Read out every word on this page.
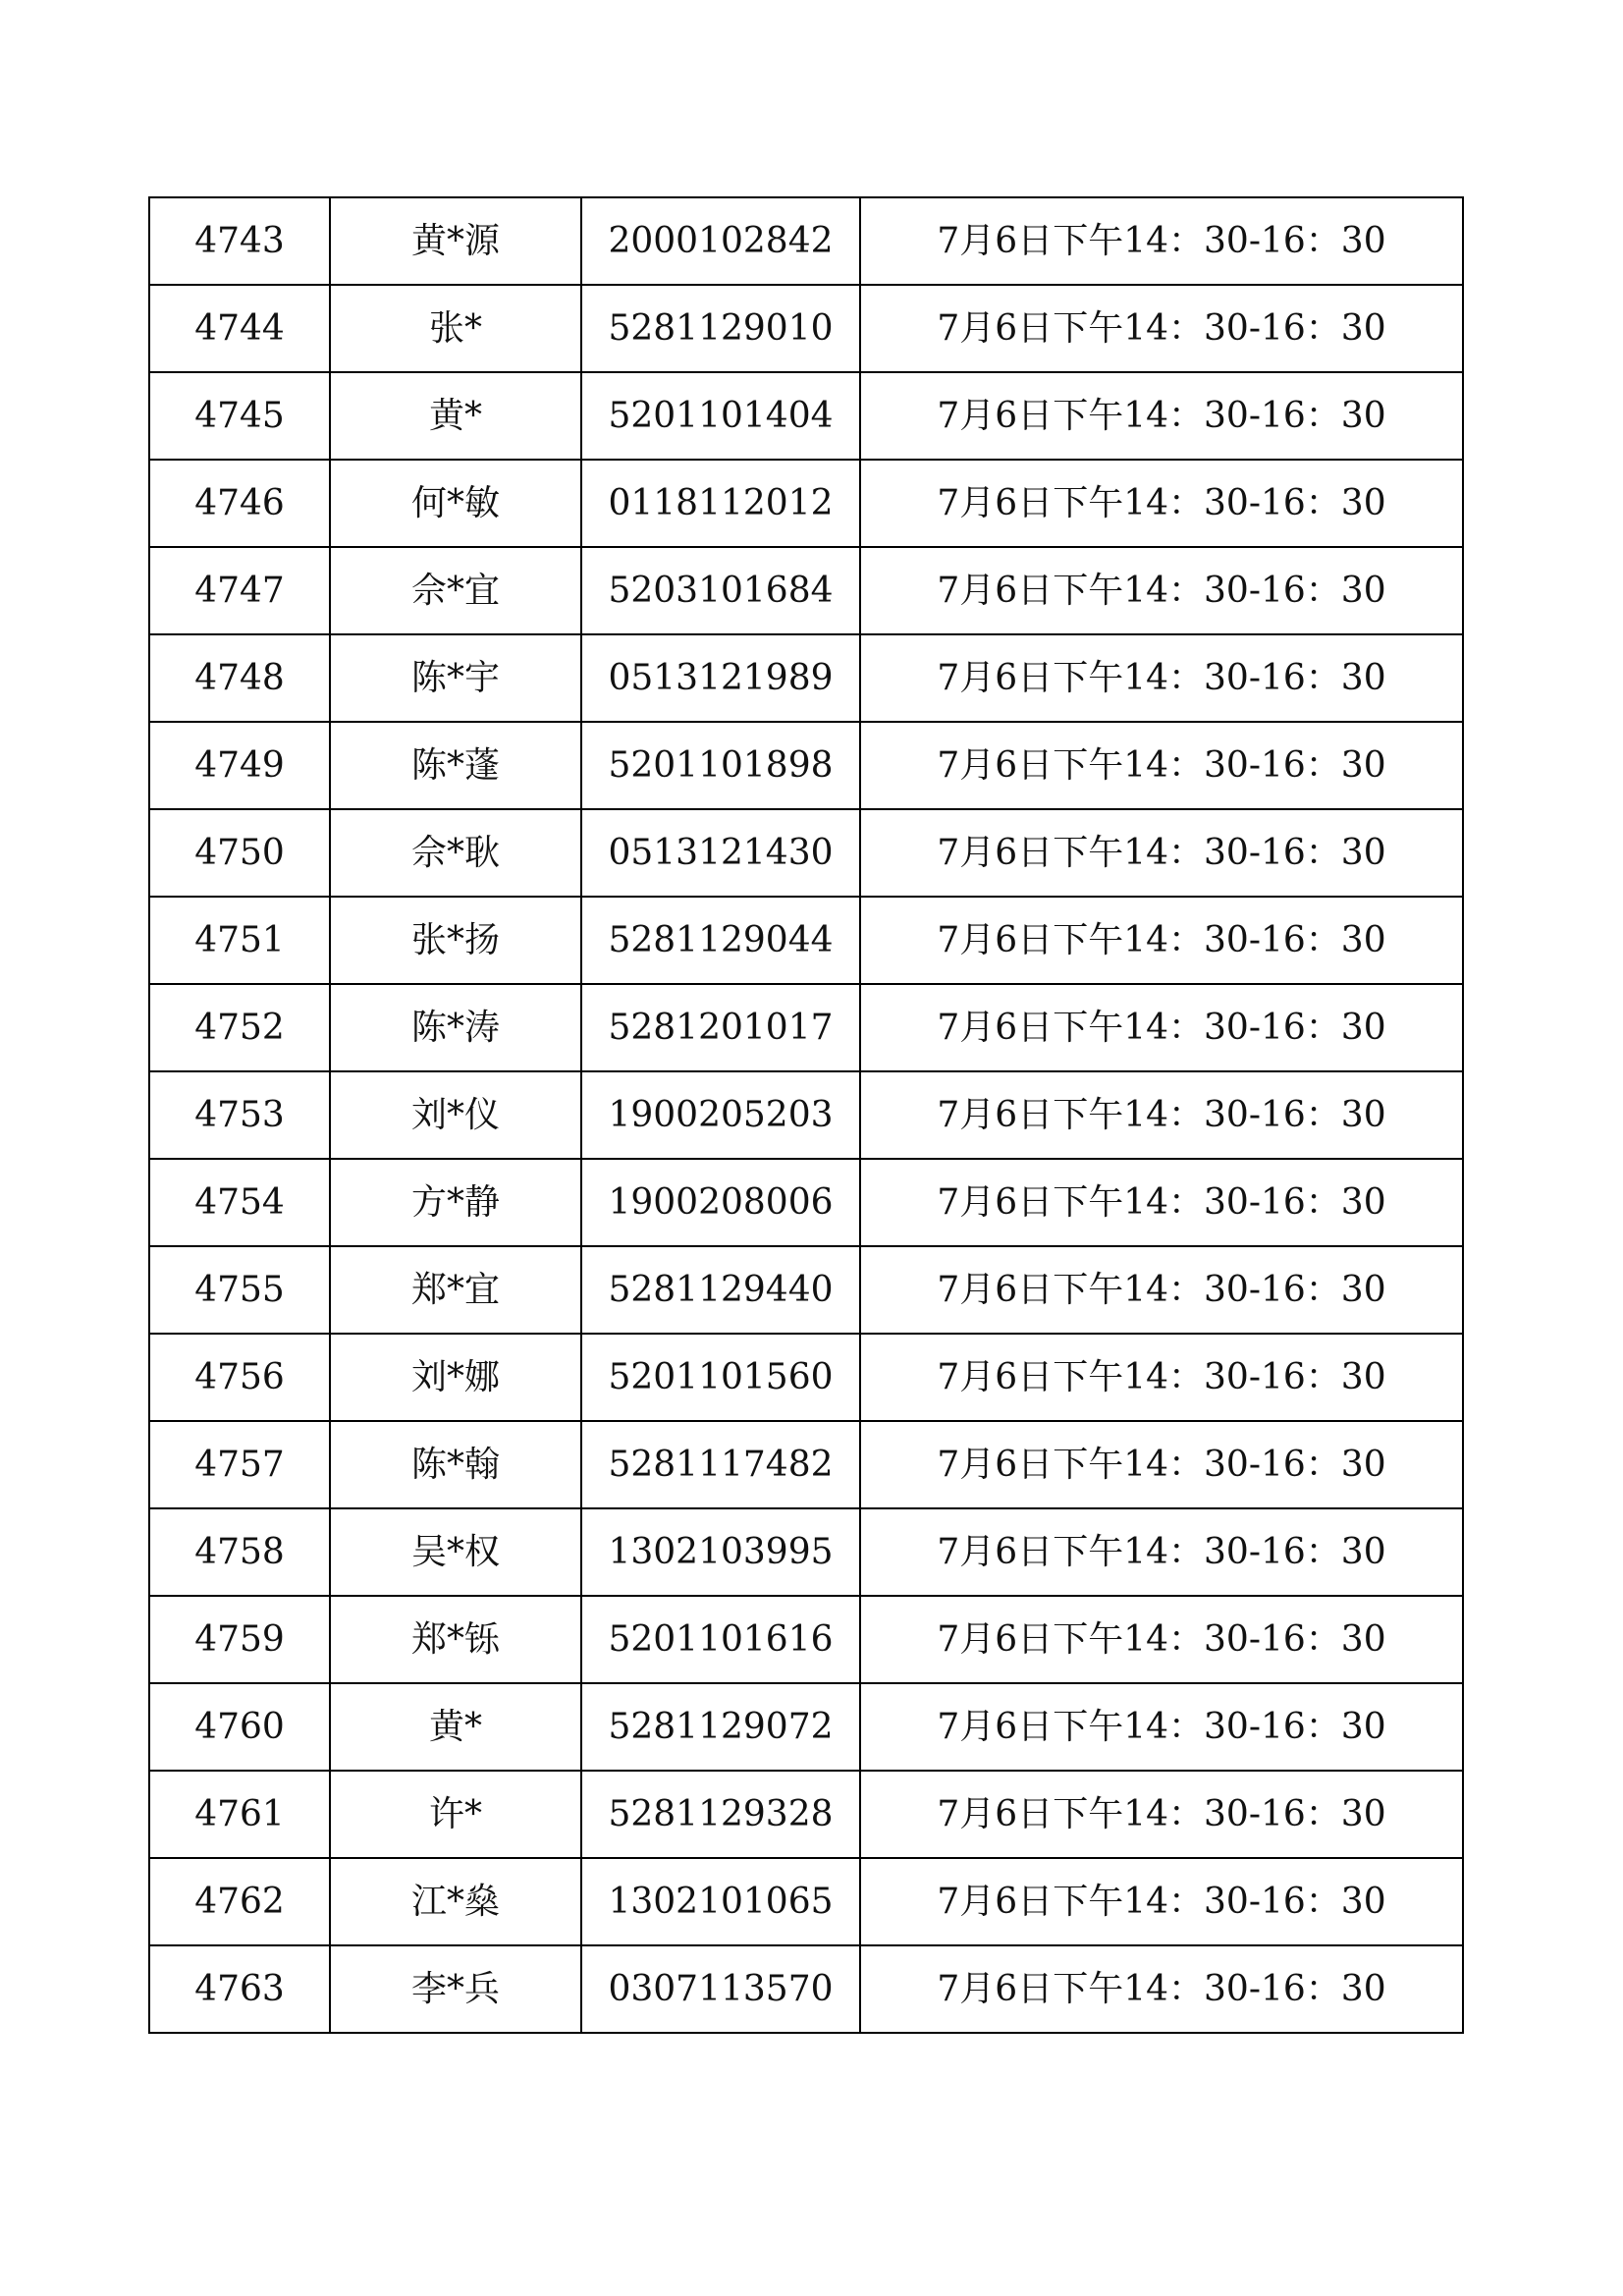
4743	黄*源	2000102842	7月6日下午14：30-16：30
4744	张*	5281129010	7月6日下午14：30-16：30
4745	黄*	5201101404	7月6日下午14：30-16：30
4746	何*敏	0118112012	7月6日下午14：30-16：30
4747	佘*宜	5203101684	7月6日下午14：30-16：30
4748	陈*宇	0513121989	7月6日下午14：30-16：30
4749	陈*蓬	5201101898	7月6日下午14：30-16：30
4750	佘*耿	0513121430	7月6日下午14：30-16：30
4751	张*扬	5281129044	7月6日下午14：30-16：30
4752	陈*涛	5281201017	7月6日下午14：30-16：30
4753	刘*仪	1900205203	7月6日下午14：30-16：30
4754	方*静	1900208006	7月6日下午14：30-16：30
4755	郑*宜	5281129440	7月6日下午14：30-16：30
4756	刘*娜	5201101560	7月6日下午14：30-16：30
4757	陈*翰	5281117482	7月6日下午14：30-16：30
4758	吴*权	1302103995	7月6日下午14：30-16：30
4759	郑*铄	5201101616	7月6日下午14：30-16：30
4760	黄*	5281129072	7月6日下午14：30-16：30
4761	许*	5281129328	7月6日下午14：30-16：30
4762	江*燊	1302101065	7月6日下午14：30-16：30
4763	李*兵	0307113570	7月6日下午14：30-16：30
